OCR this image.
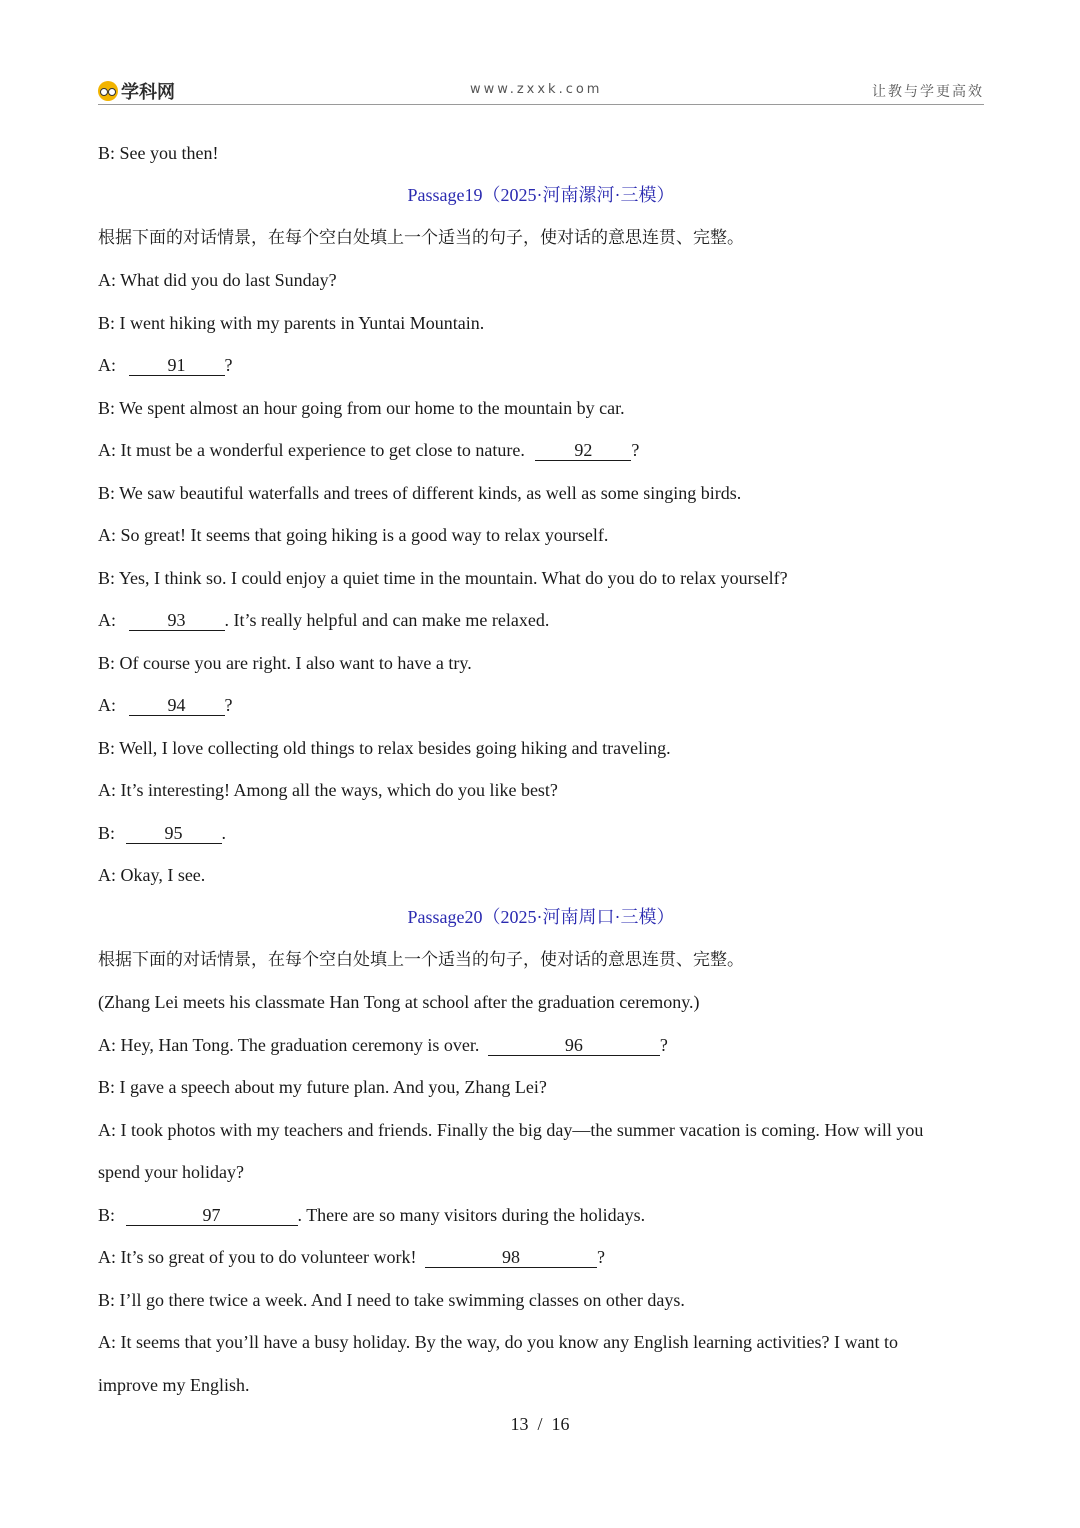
学科网	www.zxxk.com	让教与学更高效
B: See you then!
Passage19（2025·河南漯河·三模）
根据下面的对话情景，在每个空白处填上一个适当的句子，使对话的意思连贯、完整。
A: What did you do last Sunday?
B: I went hiking with my parents in Yuntai Mountain.
A:	91 ?
B: We spent almost an hour going from our home to the mountain by car.
A: It must be a wonderful experience to get close to nature.	92 ?
B: We saw beautiful waterfalls and trees of different kinds, as well as some singing birds.
A: So great! It seems that going hiking is a good way to relax yourself.
B: Yes, I think so. I could enjoy a quiet time in the mountain. What do you do to relax yourself?
A:	93 . It’s really helpful and can make me relaxed.
B: Of course you are right. I also want to have a try.
A:	94 ?
B: Well, I love collecting old things to relax besides going hiking and traveling.
A: It’s interesting! Among all the ways, which do you like best?
B:	95 .
A: Okay, I see.
Passage20（2025·河南周口·三模）
根据下面的对话情景，在每个空白处填上一个适当的句子，使对话的意思连贯、完整。
(Zhang Lei meets his classmate Han Tong at school after the graduation ceremony.)
A: Hey, Han Tong. The graduation ceremony is over.	96	?
B: I gave a speech about my future plan. And you, Zhang Lei?
A: I took photos with my teachers and friends. Finally the big day—the summer vacation is coming. How will you
spend your holiday?
B:	97	. There are so many visitors during the holidays.
A: It’s so great of you to do volunteer work!	98	?
B: I’ll go there twice a week. And I need to take swimming classes on other days.
A: It seems that you’ll have a busy holiday. By the way, do you know any English learning activities? I want to
improve my English.
13  /  16
